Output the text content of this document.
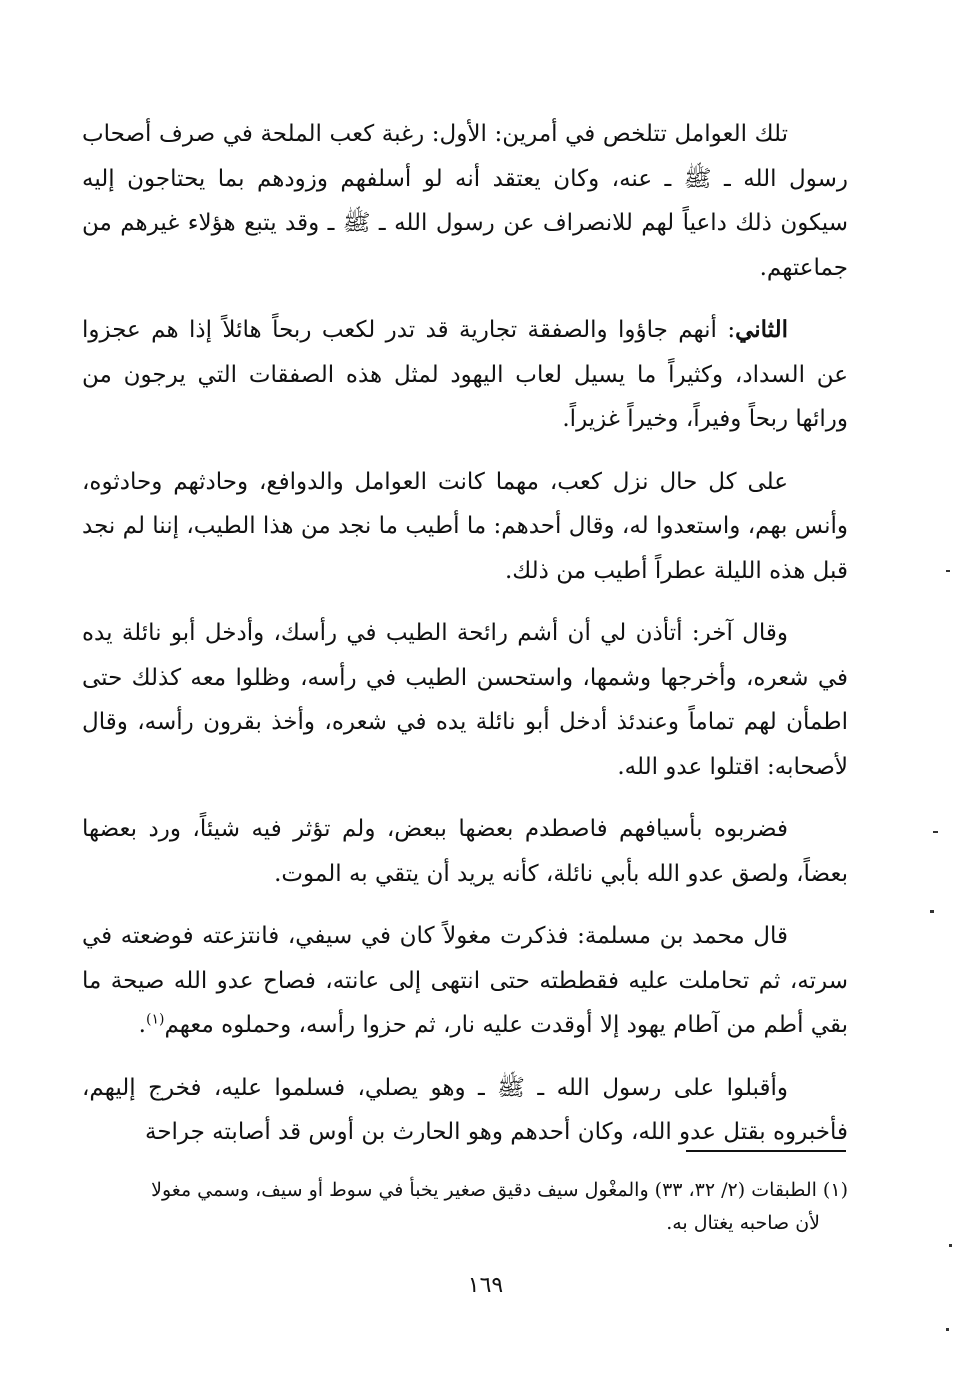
تلك العوامل تتلخص في أمرين: الأول: رغبة كعب الملحة في صرف أصحاب رسول الله ـ ﷺ ـ عنه، وكان يعتقد أنه لو أسلفهم وزودهم بما يحتاجون إليه سيكون ذلك داعياً لهم للانصراف عن رسول الله ـ ﷺ ـ وقد يتبع هؤلاء غيرهم من جماعتهم.

الثاني: أنهم جاؤوا والصفقة تجارية قد تدر لكعب ربحاً هائلاً إذا هم عجزوا عن السداد، وكثيراً ما يسيل لعاب اليهود لمثل هذه الصفقات التي يرجون من ورائها ربحاً وفيراً، وخيراً غزيراً.

على كل حال نزل كعب، مهما كانت العوامل والدوافع، وحادثهم وحادثوه، وأنس بهم، واستعدوا له، وقال أحدهم: ما أطيب ما نجد من هذا الطيب، إننا لم نجد قبل هذه الليلة عطراً أطيب من ذلك.

وقال آخر: أتأذن لي أن أشم رائحة الطيب في رأسك، وأدخل أبو نائلة يده في شعره، وأخرجها وشمها، واستحسن الطيب في رأسه، وظلوا معه كذلك حتى اطمأن لهم تماماً وعندئذ أدخل أبو نائلة يده في شعره، وأخذ بقرون رأسه، وقال لأصحابه: اقتلوا عدو الله.

فضربوه بأسيافهم فاصطدم بعضها ببعض، ولم تؤثر فيه شيئاً، ورد بعضها بعضاً، ولصق عدو الله بأبي نائلة، كأنه يريد أن يتقي به الموت.

قال محمد بن مسلمة: فذكرت مغولاً كان في سيفي، فانتزعته فوضعته في سرته، ثم تحاملت عليه فقططته حتى انتهى إلى عانته، فصاح عدو الله صيحة ما بقي أطم من آطام يهود إلا أوقدت عليه نار، ثم حزوا رأسه، وحملوه معهم$^{(١)}$.

وأقبلوا على رسول الله ـ ﷺ ـ وهو يصلي، فسلموا عليه، فخرج إليهم، فأخبروه بقتل عدو الله، وكان أحدهم وهو الحارث بن أوس قد أصابته جراحة

(١) الطبقات (٢/ ٣٢، ٣٣) والمغْول سيف دقيق صغير يخبأ في سوط أو سيف، وسمي مغولا
لأن صاحبه يغتال به.
١٦٩
